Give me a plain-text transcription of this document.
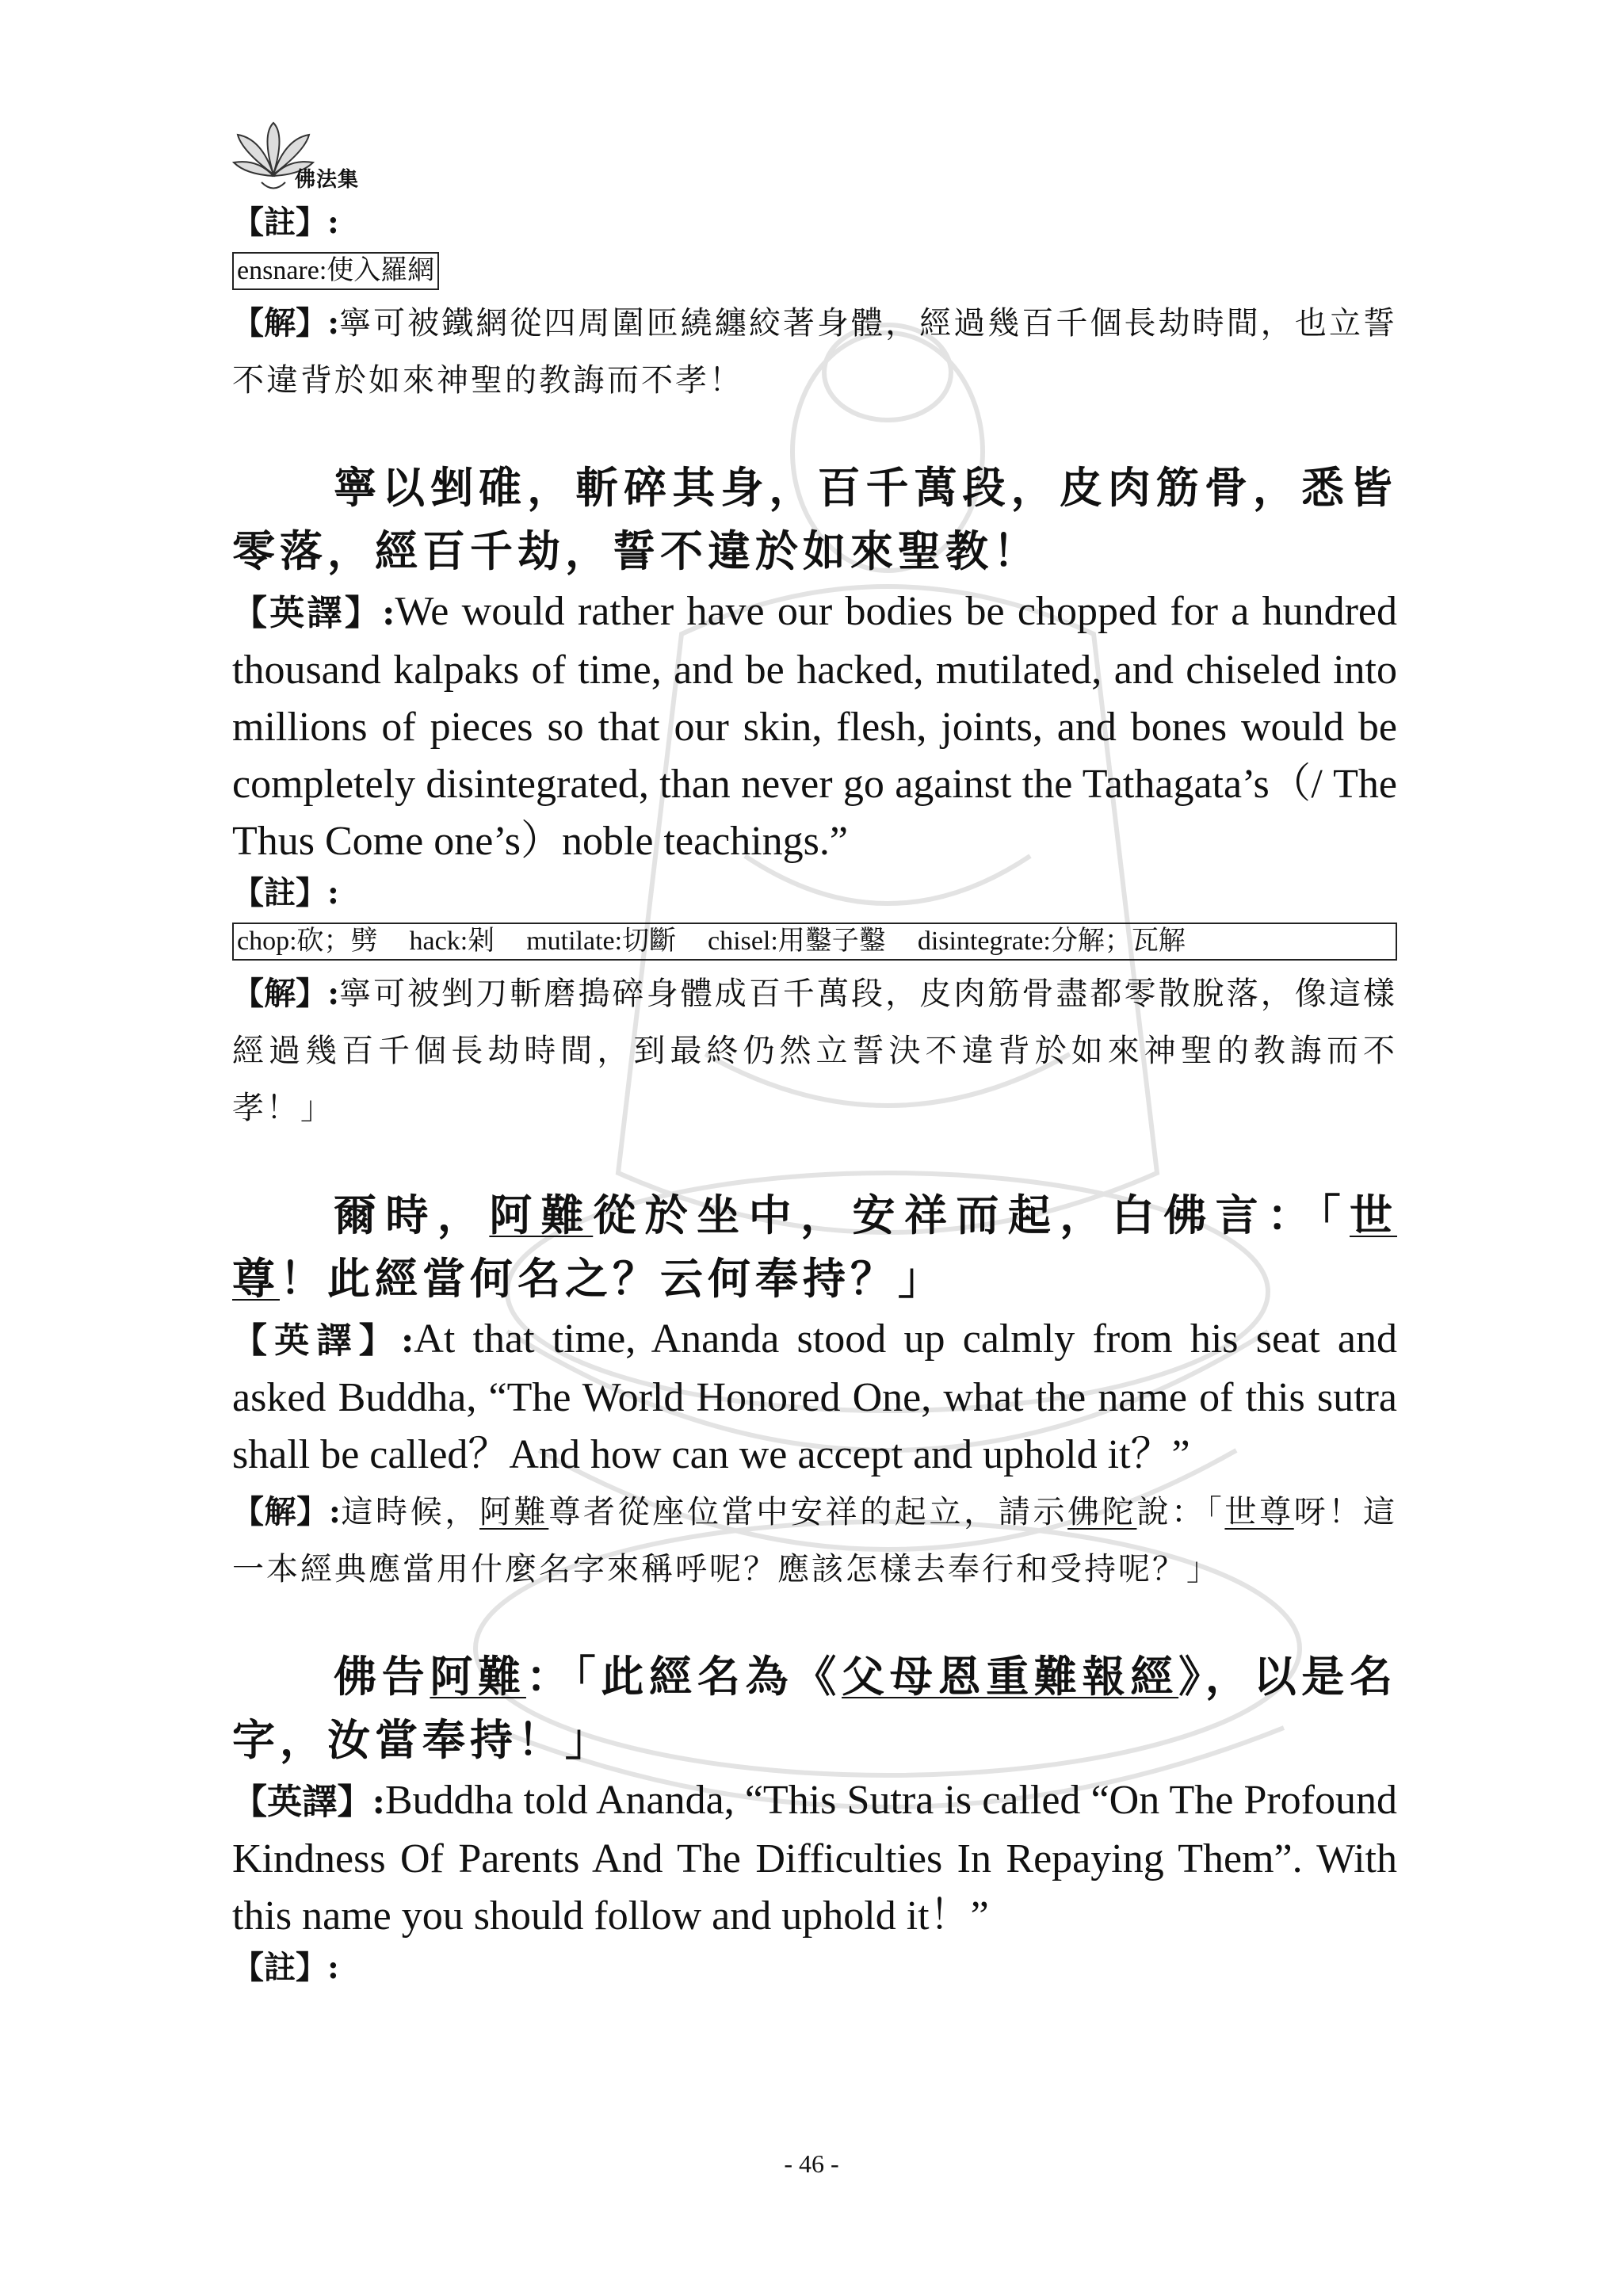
佛法集
【註】:
ensnare:使入羅網
【解】:寧可被鐵網從四周圍匝繞纏絞著身體，經過幾百千個長劫時間，也立誓不違背於如來神聖的教誨而不孝！
寧以剉碓，斬碎其身，百千萬段，皮肉筋骨，悉皆零落，經百千劫，誓不違於如來聖教！
【英譯】:We would rather have our bodies be chopped for a hundred thousand kalpaks of time, and be hacked, mutilated, and chiseled into millions of pieces so that our skin, flesh, joints, and bones would be completely disintegrated, than never go against the Tathagata’s（/ The Thus Come one’s）noble teachings.”
【註】:
chop:砍；劈 hack:剁 mutilate:切斷 chisel:用鑿子鑿 disintegrate:分解；瓦解
【解】:寧可被剉刀斬磨搗碎身體成百千萬段，皮肉筋骨盡都零散脫落，像這樣經過幾百千個長劫時間，到最終仍然立誓決不違背於如來神聖的教誨而不孝！」
爾時，阿難從於坐中，安祥而起，白佛言：「世尊！此經當何名之？云何奉持？」
【英譯】:At that time, Ananda stood up calmly from his seat and asked Buddha, “The World Honored One, what the name of this sutra shall be called？And how can we accept and uphold it？”
【解】:這時候，阿難尊者從座位當中安祥的起立，請示佛陀說：「世尊呀！這一本經典應當用什麼名字來稱呼呢？應該怎樣去奉行和受持呢？」
佛告阿難：「此經名為《父母恩重難報經》，以是名字，汝當奉持！」
【英譯】:Buddha told Ananda, “This Sutra is called “On The Profound Kindness Of Parents And The Difficulties In Repaying Them”. With this name you should follow and uphold it！”
【註】:
- 46 -
